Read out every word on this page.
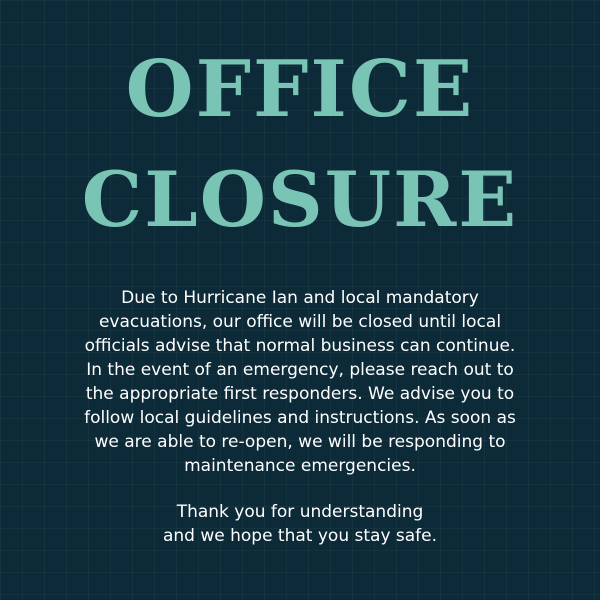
OFFICE
CLOSURE
Due to Hurricane Ian and local mandatory
evacuations, our office will be closed until local
officials advise that normal business can continue.
In the event of an emergency, please reach out to
the appropriate first responders. We advise you to
follow local guidelines and instructions. As soon as
we are able to re-open, we will be responding to
maintenance emergencies.
Thank you for understanding
and we hope that you stay safe.
